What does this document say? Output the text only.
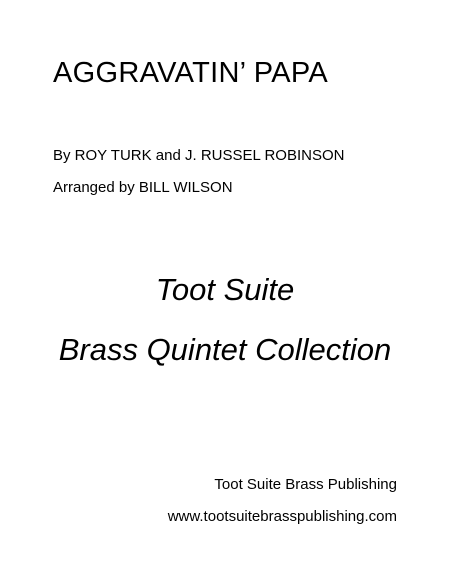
AGGRAVATIN’ PAPA
By ROY TURK and J. RUSSEL ROBINSON
Arranged by BILL WILSON
Toot Suite
Brass Quintet Collection
Toot Suite Brass Publishing
www.tootsuitebrasspublishing.com
